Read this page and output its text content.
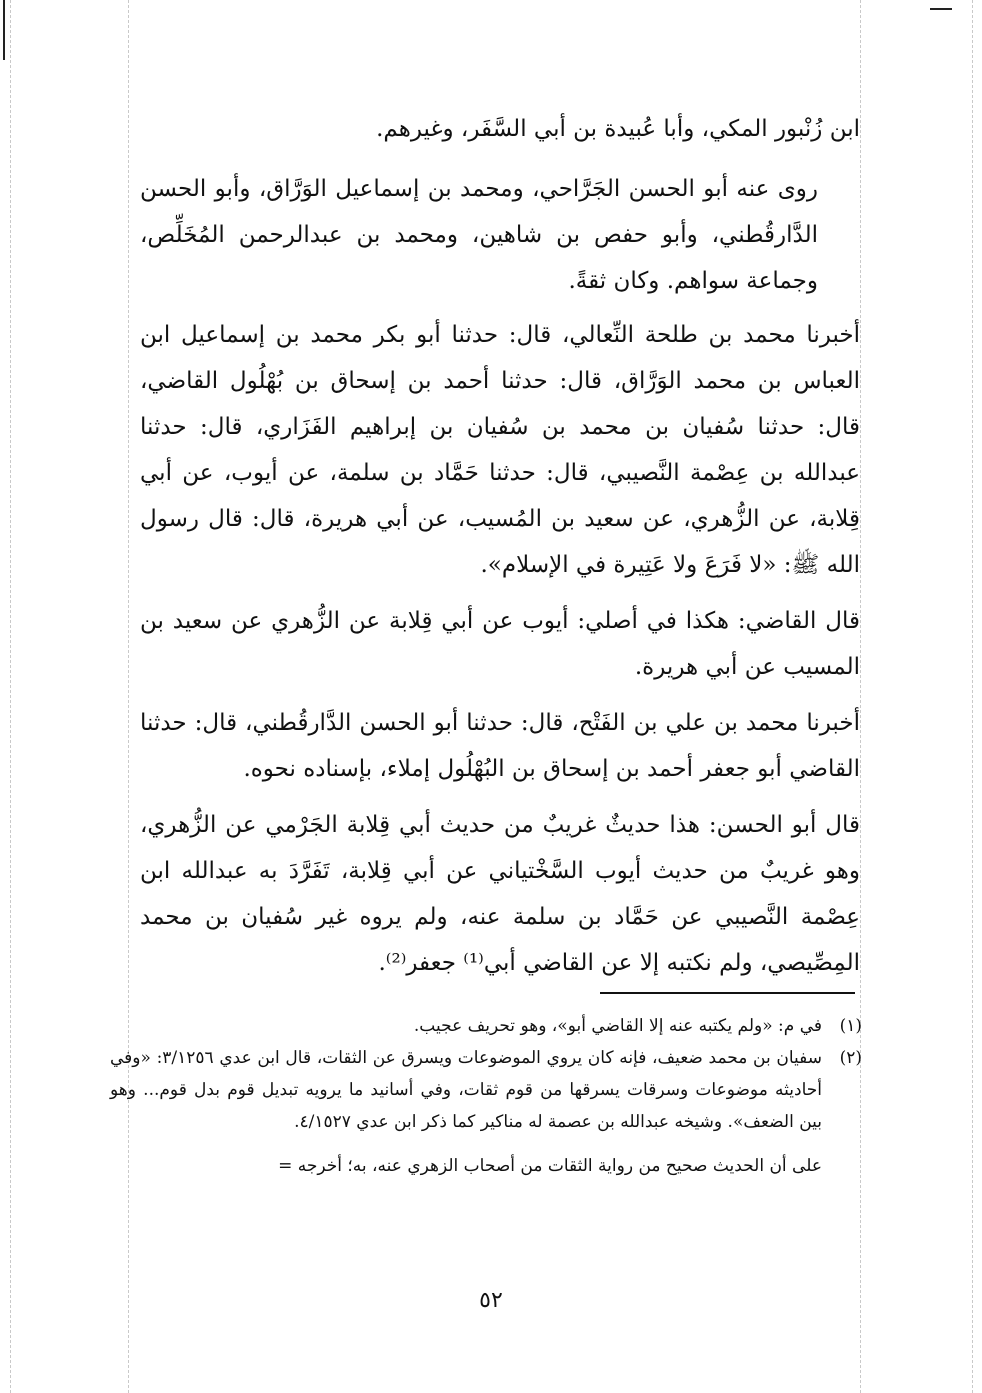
ابن زُنْبور المكي، وأبا عُبيدة بن أبي السَّفَر، وغيرهم.

روى عنه أبو الحسن الجَرَّاحي، ومحمد بن إسماعيل الوَرَّاق، وأبو الحسن الدَّارقُطني، وأبو حفص بن شاهين، ومحمد بن عبدالرحمن المُخَلِّص، وجماعة سواهم. وكان ثقةً.

أخبرنا محمد بن طلحة النِّعالي، قال: حدثنا أبو بكر محمد بن إسماعيل ابن العباس بن محمد الوَرَّاق، قال: حدثنا أحمد بن إسحاق بن بُهْلُول القاضي، قال: حدثنا سُفيان بن محمد بن سُفيان بن إبراهيم الفَزَاري، قال: حدثنا عبدالله بن عِصْمة النَّصيبي، قال: حدثنا حَمَّاد بن سلمة، عن أيوب، عن أبي قِلابة، عن الزُّهري، عن سعيد بن المُسيب، عن أبي هريرة، قال: قال رسول الله ﷺ: «لا فَرَعَ ولا عَتِيرة في الإسلام».

قال القاضي: هكذا في أصلي: أيوب عن أبي قِلابة عن الزُّهري عن سعيد بن المسيب عن أبي هريرة.

أخبرنا محمد بن علي بن الفَتْح، قال: حدثنا أبو الحسن الدَّارقُطني، قال: حدثنا القاضي أبو جعفر أحمد بن إسحاق بن البُهْلُول إملاء، بإسناده نحوه.

قال أبو الحسن: هذا حديثٌ غريبٌ من حديث أبي قِلابة الجَرْمي عن الزُّهري، وهو غريبٌ من حديث أيوب السَّخْتياني عن أبي قِلابة، تَفَرَّدَ به عبدالله ابن عِصْمة النَّصيبي عن حَمَّاد بن سلمة عنه، ولم يروه غير سُفيان بن محمد المِصِّيصي، ولم نكتبه إلا عن القاضي أبي⁽¹⁾ جعفر⁽²⁾.

(١)
في م: «ولم يكتبه عنه إلا القاضي أبو»، وهو تحريف عجيب.
(٢)
سفيان بن محمد ضعيف، فإنه كان يروي الموضوعات ويسرق عن الثقات، قال ابن عدي ٣/١٢٥٦: «وفي أحاديثه موضوعات وسرقات يسرقها من قوم ثقات، وفي أسانيد ما يرويه تبديل قوم بدل قوم... وهو بين الضعف». وشيخه عبدالله بن عصمة له مناكير كما ذكر ابن عدي ٤/١٥٢٧.

على أن الحديث صحيح من رواية الثقات من أصحاب الزهري عنه، به؛ أخرجه =

٥٢
